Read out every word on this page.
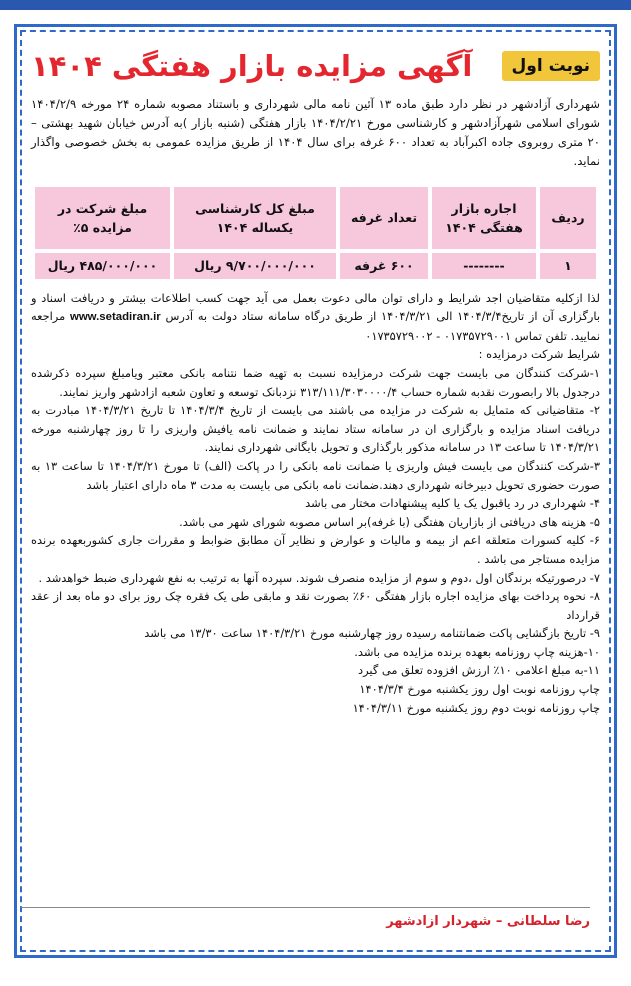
آگهی مزایده بازار هفتگی ۱۴۰۴	نوبت اول

شهرداری آزادشهر در نظر دارد طبق ماده ۱۳ آئین نامه مالی شهرداری و باستناد مصوبه شماره ۲۴ مورخه ۱۴۰۴/۲/۹ شورای اسلامی شهرآزادشهر و کارشناسی مورخ ۱۴۰۴/۲/۲۱ بازار هفتگی (شنبه بازار )به آدرس خیابان شهید بهشتی – ۲۰ متری روبروی جاده اکبرآباد به تعداد ۶۰۰ غرفه برای سال ۱۴۰۴ از طریق مزایده عمومی به بخش خصوصی واگذار نماید.

ردیف	اجاره بازار هفتگی ۱۴۰۴	تعداد غرفه	مبلغ کل کارشناسی یکساله ۱۴۰۴	مبلغ شرکت در مزایده ۵٪
۱	--------	۶۰۰ غرفه	۹/۷۰۰/۰۰۰/۰۰۰ ریال	۴۸۵/۰۰۰/۰۰۰ ریال

لذا ازکلیه متقاضیان اجد شرایط و دارای توان مالی دعوت بعمل می آید جهت کسب اطلاعات بیشتر و دریافت اسناد و بارگزاری آن از تاریخ۱۴۰۴/۳/۴ الی ۱۴۰۴/۳/۲۱ از طریق درگاه سامانه ستاد دولت به آدرس www.setadiran.ir مراجعه نمایید. تلفن تماس ۰۱۷۳۵۷۲۹۰۰۱ - ۰۱۷۳۵۷۲۹۰۰۲

شرایط شرکت درمزایده :

۱-شرکت کنندگان می بایست جهت شرکت درمزایده نسبت به تهیه ضما نتنامه بانکی معتبر ویامبلغ سپرده ذکرشده درجدول بالا رابصورت نقدبه شماره حساب ۳۱۳/۱۱۱/۳۰۳۰۰۰۰/۴ نزدبانک توسعه و تعاون شعبه ازادشهر واریز نمایند.

۲- متقاضیانی که متمایل به شرکت در مزایده می باشند می بایست از تاریخ ۱۴۰۴/۳/۴ تا تاریخ ۱۴۰۴/۳/۲۱ مبادرت به دریافت اسناد مزایده و بارگزاری ان در سامانه ستاد نمایند و ضمانت نامه یافیش واریزی را تا روز چهارشنبه مورخه ۱۴۰۴/۳/۲۱ تا ساعت ۱۳ در سامانه مذکور بارگذاری و تحویل بایگانی شهرداری نمایند.

۳-شرکت کنندگان می بایست فیش واریزی یا ضمانت نامه بانکی را در پاکت (الف) تا مورخ ۱۴۰۴/۳/۲۱ تا ساعت ۱۳ به صورت حضوری تحویل دبیرخانه شهرداری دهند.ضمانت نامه بانکی می بایست به مدت ۳ ماه دارای اعتبار باشد

۴- شهرداری در رد یاقبول یک یا کلیه پیشنهادات مختار می باشد

۵- هزینه های دریافتی از بازاریان هفتگی (با غرفه)بر اساس مصوبه شورای شهر می باشد.

۶- کلیه کسورات متعلقه اعم از بیمه و مالیات و عوارض و نظایر آن مطابق ضوابط و مقررات جاری کشوربعهده برنده مزایده مستاجر می باشد .

۷- درصورتیکه برندگان اول ،دوم و سوم از مزایده منصرف شوند. سپرده آنها به ترتیب به نفع شهرداری ضبط خواهدشد .

۸- نحوه پرداخت بهای مزایده اجاره بازار هفتگی ۶۰٪ بصورت نقد و مابقی طی یک فقره چک روز برای دو ماه بعد از عقد قرارداد

۹- تاریخ بازگشایی پاکت ضمانتنامه رسیده روز چهارشنبه مورخ ۱۴۰۴/۳/۲۱ ساعت ۱۳/۳۰ می باشد

۱۰-هزینه چاپ روزنامه بعهده برنده مزایده می باشد.

۱۱-به مبلغ اعلامی ۱۰٪ ارزش افزوده تعلق می گیرد

چاپ روزنامه نوبت اول روز یکشنبه مورخ ۱۴۰۴/۳/۴

چاپ روزنامه نوبت دوم روز یکشنبه مورخ ۱۴۰۴/۳/۱۱

رضا سلطانی – شهردار ازادشهر
